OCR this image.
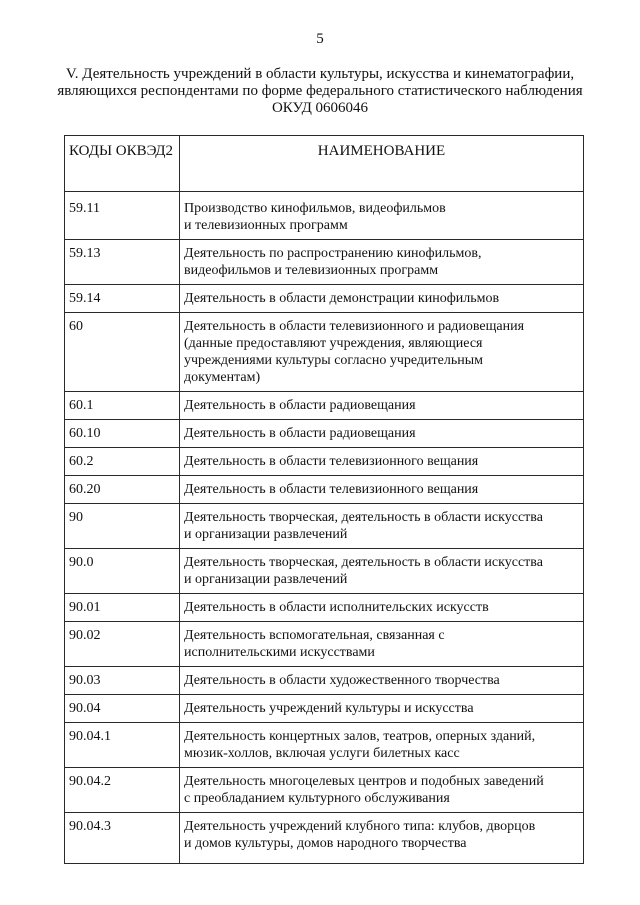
5
V. Деятельность учреждений в области культуры, искусства и кинематографии,
являющихся респондентами по форме федерального статистического наблюдения
ОКУД 0606046
КОДЫ ОКВЭД2	НАИМЕНОВАНИЕ
59.11	Производство кинофильмов, видеофильмов
и телевизионных программ

59.13	Деятельность по распространению кинофильмов,
видеофильмов и телевизионных программ

59.14	Деятельность в области демонстрации кинофильмов

60	Деятельность в области телевизионного и радиовещания
(данные предоставляют учреждения, являющиеся
учреждениями культуры согласно учредительным
документам)

60.1	Деятельность в области радиовещания

60.10	Деятельность в области радиовещания

60.2	Деятельность в области телевизионного вещания

60.20	Деятельность в области телевизионного вещания

90	Деятельность творческая, деятельность в области искусства
и организации развлечений

90.0	Деятельность творческая, деятельность в области искусства
и организации развлечений

90.01	Деятельность в области исполнительских искусств

90.02	Деятельность вспомогательная, связанная с
исполнительскими искусствами

90.03	Деятельность в области художественного творчества

90.04	Деятельность учреждений культуры и искусства

90.04.1	Деятельность концертных залов, театров, оперных зданий,
мюзик-холлов, включая услуги билетных касс

90.04.2	Деятельность многоцелевых центров и подобных заведений
с преобладанием культурного обслуживания

90.04.3	Деятельность учреждений клубного типа: клубов, дворцов
и домов культуры, домов народного творчества
